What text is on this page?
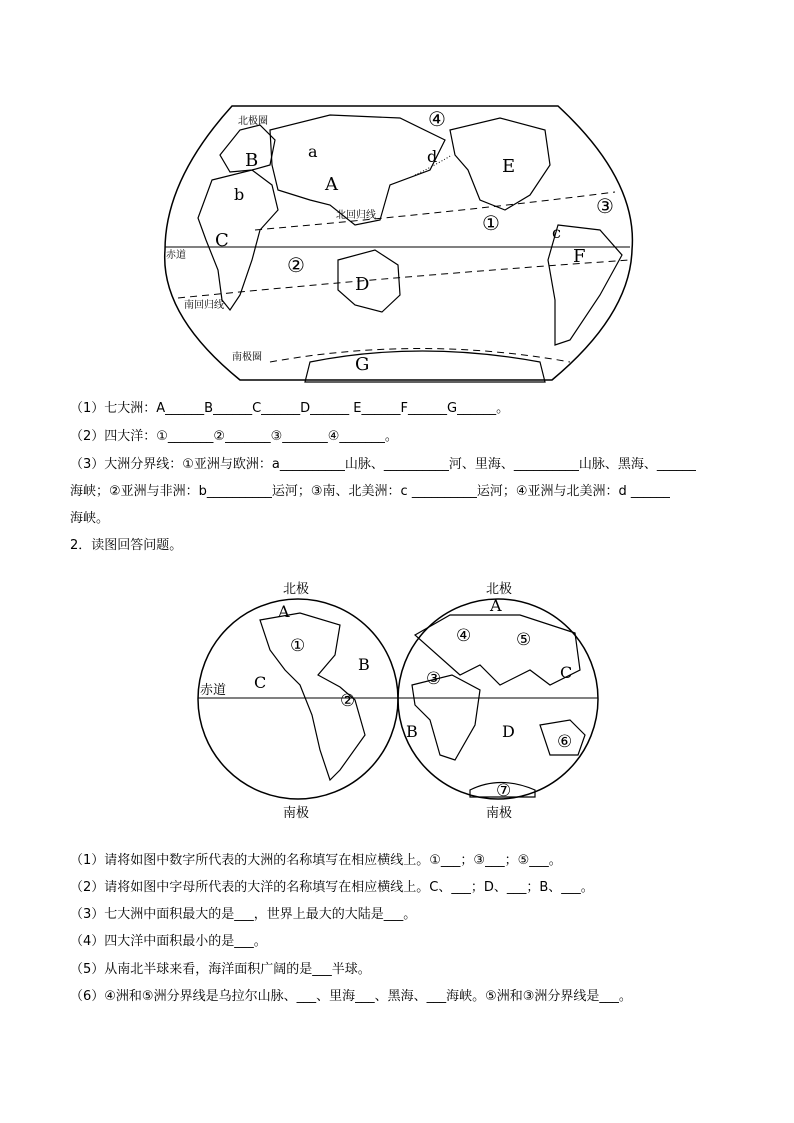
北极圈
北回归线
赤道
南回归线
南极圈
A
B
C
D
E
F
G
a
b
c
d
①
②
③
④
（1）七大洲：A______B______C______D______ E______F______G______。
（2）四大洋：①_______②_______③_______④_______。
（3）大洲分界线：①亚洲与欧洲：a__________山脉、__________河、里海、__________山脉、黑海、______
海峡；②亚洲与非洲：b__________运河；③南、北美洲：c __________运河；④亚洲与北美洲：d ______
海峡。
2．读图回答问题。
北极	北极
南极	南极
赤道
A
B
C
A
B
C
D
①
②
③
④	⑤
⑥
⑦
（1）请将如图中数字所代表的大洲的名称填写在相应横线上。①___；③___；⑤___。
（2）请将如图中字母所代表的大洋的名称填写在相应横线上。C、___；D、___；B、___。
（3）七大洲中面积最大的是___，世界上最大的大陆是___。
（4）四大洋中面积最小的是___。
（5）从南北半球来看，海洋面积广阔的是___半球。
（6）④洲和⑤洲分界线是乌拉尔山脉、___、里海___、黑海、___海峡。⑤洲和③洲分界线是___。
